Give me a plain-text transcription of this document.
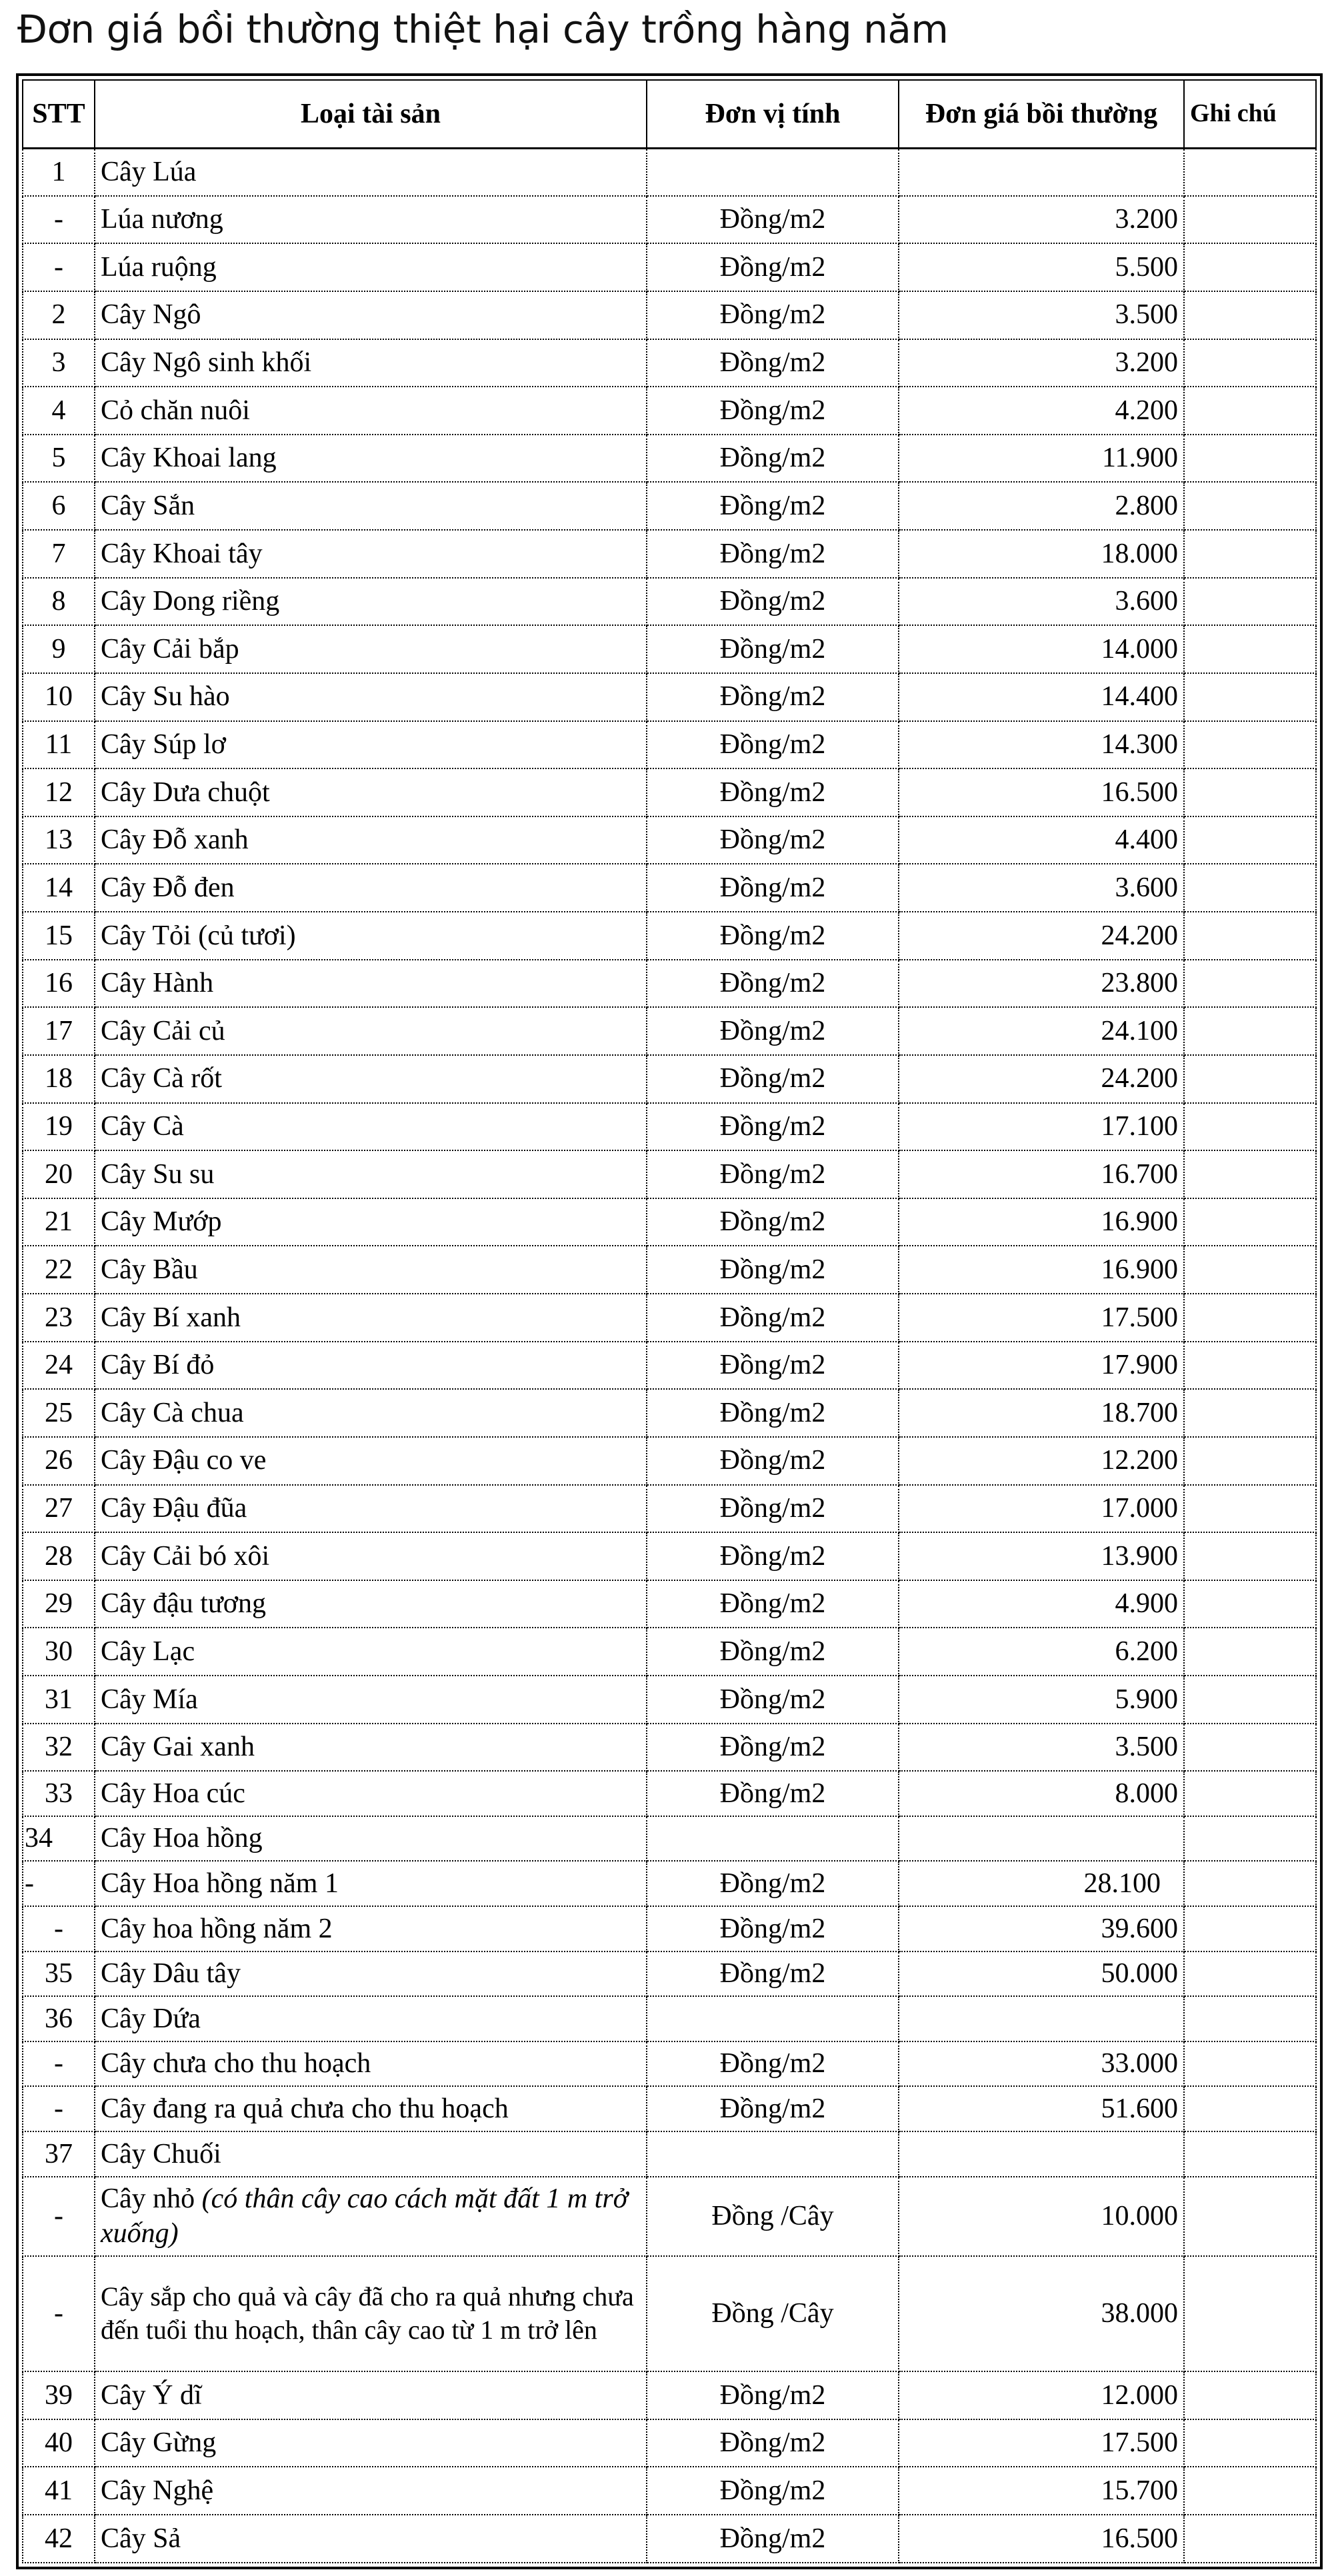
Đơn giá bồi thường thiệt hại cây trồng hàng năm
STT	Loại tài sản	Đơn vị tính	Đơn giá bồi thường	Ghi chú
1	Cây Lúa			
-	Lúa nương	Đồng/m2	3.200	
-	Lúa ruộng	Đồng/m2	5.500	
2	Cây Ngô	Đồng/m2	3.500	
3	Cây Ngô sinh khối	Đồng/m2	3.200	
4	Cỏ chăn nuôi	Đồng/m2	4.200	
5	Cây Khoai lang	Đồng/m2	11.900	
6	Cây Sắn	Đồng/m2	2.800	
7	Cây Khoai tây	Đồng/m2	18.000	
8	Cây Dong riềng	Đồng/m2	3.600	
9	Cây Cải bắp	Đồng/m2	14.000	
10	Cây Su hào	Đồng/m2	14.400	
11	Cây Súp lơ	Đồng/m2	14.300	
12	Cây Dưa chuột	Đồng/m2	16.500	
13	Cây Đỗ xanh	Đồng/m2	4.400	
14	Cây Đỗ đen	Đồng/m2	3.600	
15	Cây Tỏi (củ tươi)	Đồng/m2	24.200	
16	Cây Hành	Đồng/m2	23.800	
17	Cây Cải củ	Đồng/m2	24.100	
18	Cây Cà rốt	Đồng/m2	24.200	
19	Cây Cà	Đồng/m2	17.100	
20	Cây Su su	Đồng/m2	16.700	
21	Cây Mướp	Đồng/m2	16.900	
22	Cây Bầu	Đồng/m2	16.900	
23	Cây Bí xanh	Đồng/m2	17.500	
24	Cây Bí đỏ	Đồng/m2	17.900	
25	Cây Cà chua	Đồng/m2	18.700	
26	Cây Đậu co ve	Đồng/m2	12.200	
27	Cây Đậu đũa	Đồng/m2	17.000	
28	Cây Cải bó xôi	Đồng/m2	13.900	
29	Cây đậu tương	Đồng/m2	4.900	
30	Cây Lạc	Đồng/m2	6.200	
31	Cây Mía	Đồng/m2	5.900	
32	Cây Gai xanh	Đồng/m2	3.500	
33	Cây Hoa cúc	Đồng/m2	8.000	
34	Cây Hoa hồng			
-	Cây Hoa hồng năm 1	Đồng/m2	28.100	
-	Cây hoa hồng năm 2	Đồng/m2	39.600	
35	Cây Dâu tây	Đồng/m2	50.000	
36	Cây Dứa			
-	Cây chưa cho thu hoạch	Đồng/m2	33.000	
-	Cây đang ra quả chưa cho thu hoạch	Đồng/m2	51.600	
37	Cây Chuối			
-	Cây nhỏ (có thân cây cao cách mặt đất 1 m trở xuống)	Đồng /Cây	10.000	
-	Cây sắp cho quả và cây đã cho ra quả nhưng chưa đến tuổi thu hoạch, thân cây cao từ 1 m trở lên	Đồng /Cây	38.000	
39	Cây Ý dĩ	Đồng/m2	12.000	
40	Cây Gừng	Đồng/m2	17.500	
41	Cây Nghệ	Đồng/m2	15.700	
42	Cây Sả	Đồng/m2	16.500	
